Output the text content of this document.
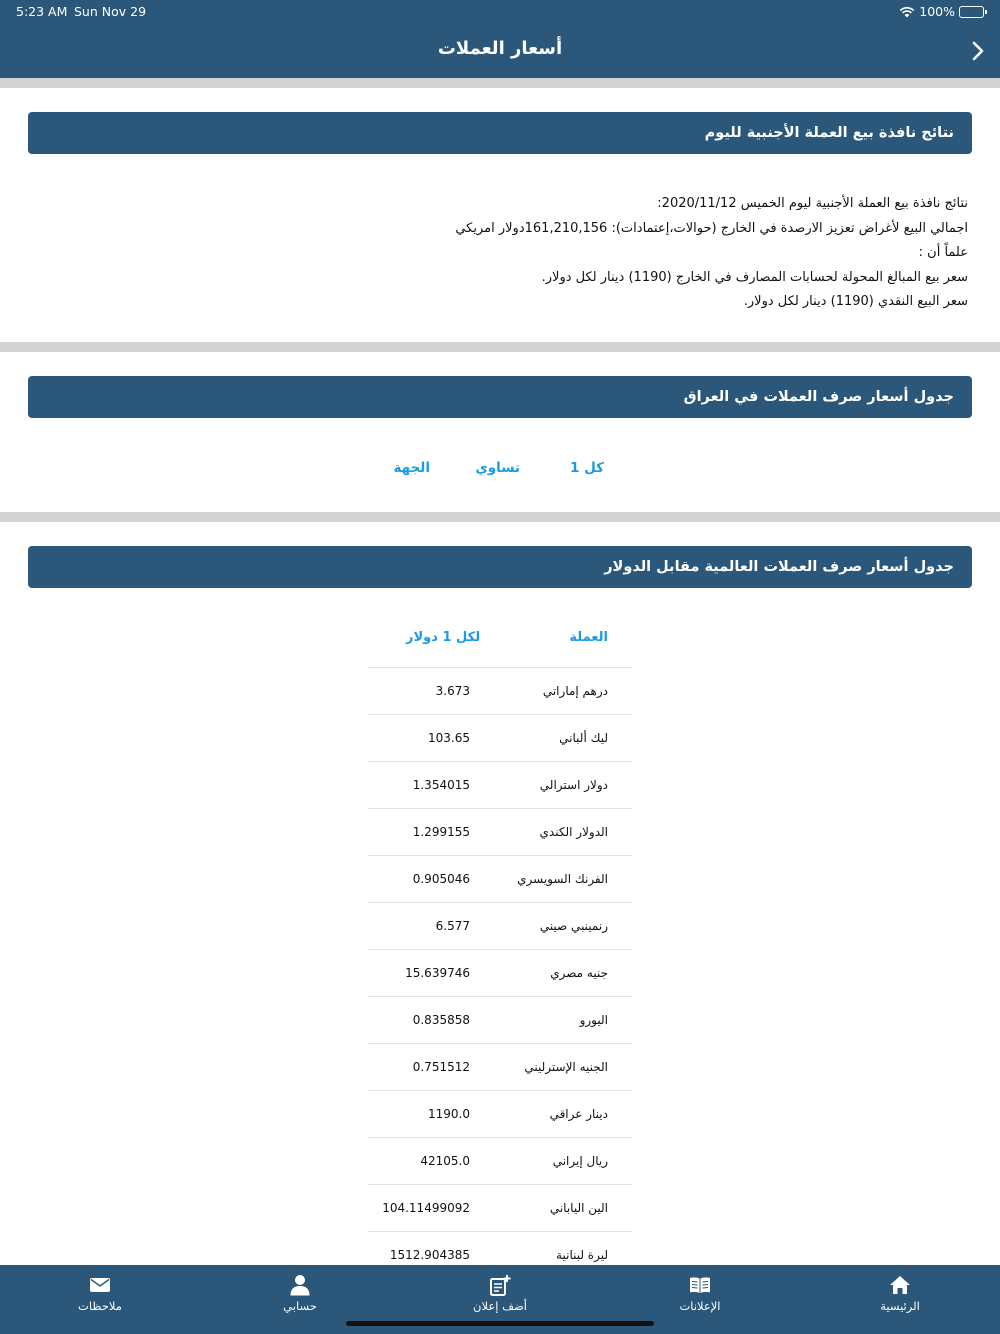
5:23 AM Sun Nov 29	100%
أسعار العملات
نتائج نافذة بيع العملة الأجنبية لليوم

نتائج نافذة بيع العملة الأجنبية ليوم الخميس 2020/11/12:

اجمالي البيع لأغراض تعزيز الارصدة في الخارج (حوالات،إعتمادات): 161,210,156دولار امريكي

علماً أن :

سعر بيع المبالغ المحولة لحسابات المصارف في الخارج (1190) دينار لكل دولار.

سعر البيع النقدي (1190) دينار لكل دولار.

جدول أسعار صرف العملات في العراق
كل 1
تساوي
الجهة
جدول أسعار صرف العملات العالمية مقابل الدولار
العملة
لكل 1 دولار
درهم إماراتي
3.673
ليك ألباني
103.65
دولار استرالي
1.354015
الدولار الكندي
1.299155
الفرنك السويسري
0.905046
رنمينبي صيني
6.577
جنيه مصري
15.639746
اليورو
0.835858
الجنيه الإسترليني
0.751512
دينار عراقي
1190.0
ريال إيراني
42105.0
الين الياباني
104.11499092
ليرة لبنانية
1512.904385
الرئيسية
الإعلانات
أضف إعلان
حسابي
ملاحظات
